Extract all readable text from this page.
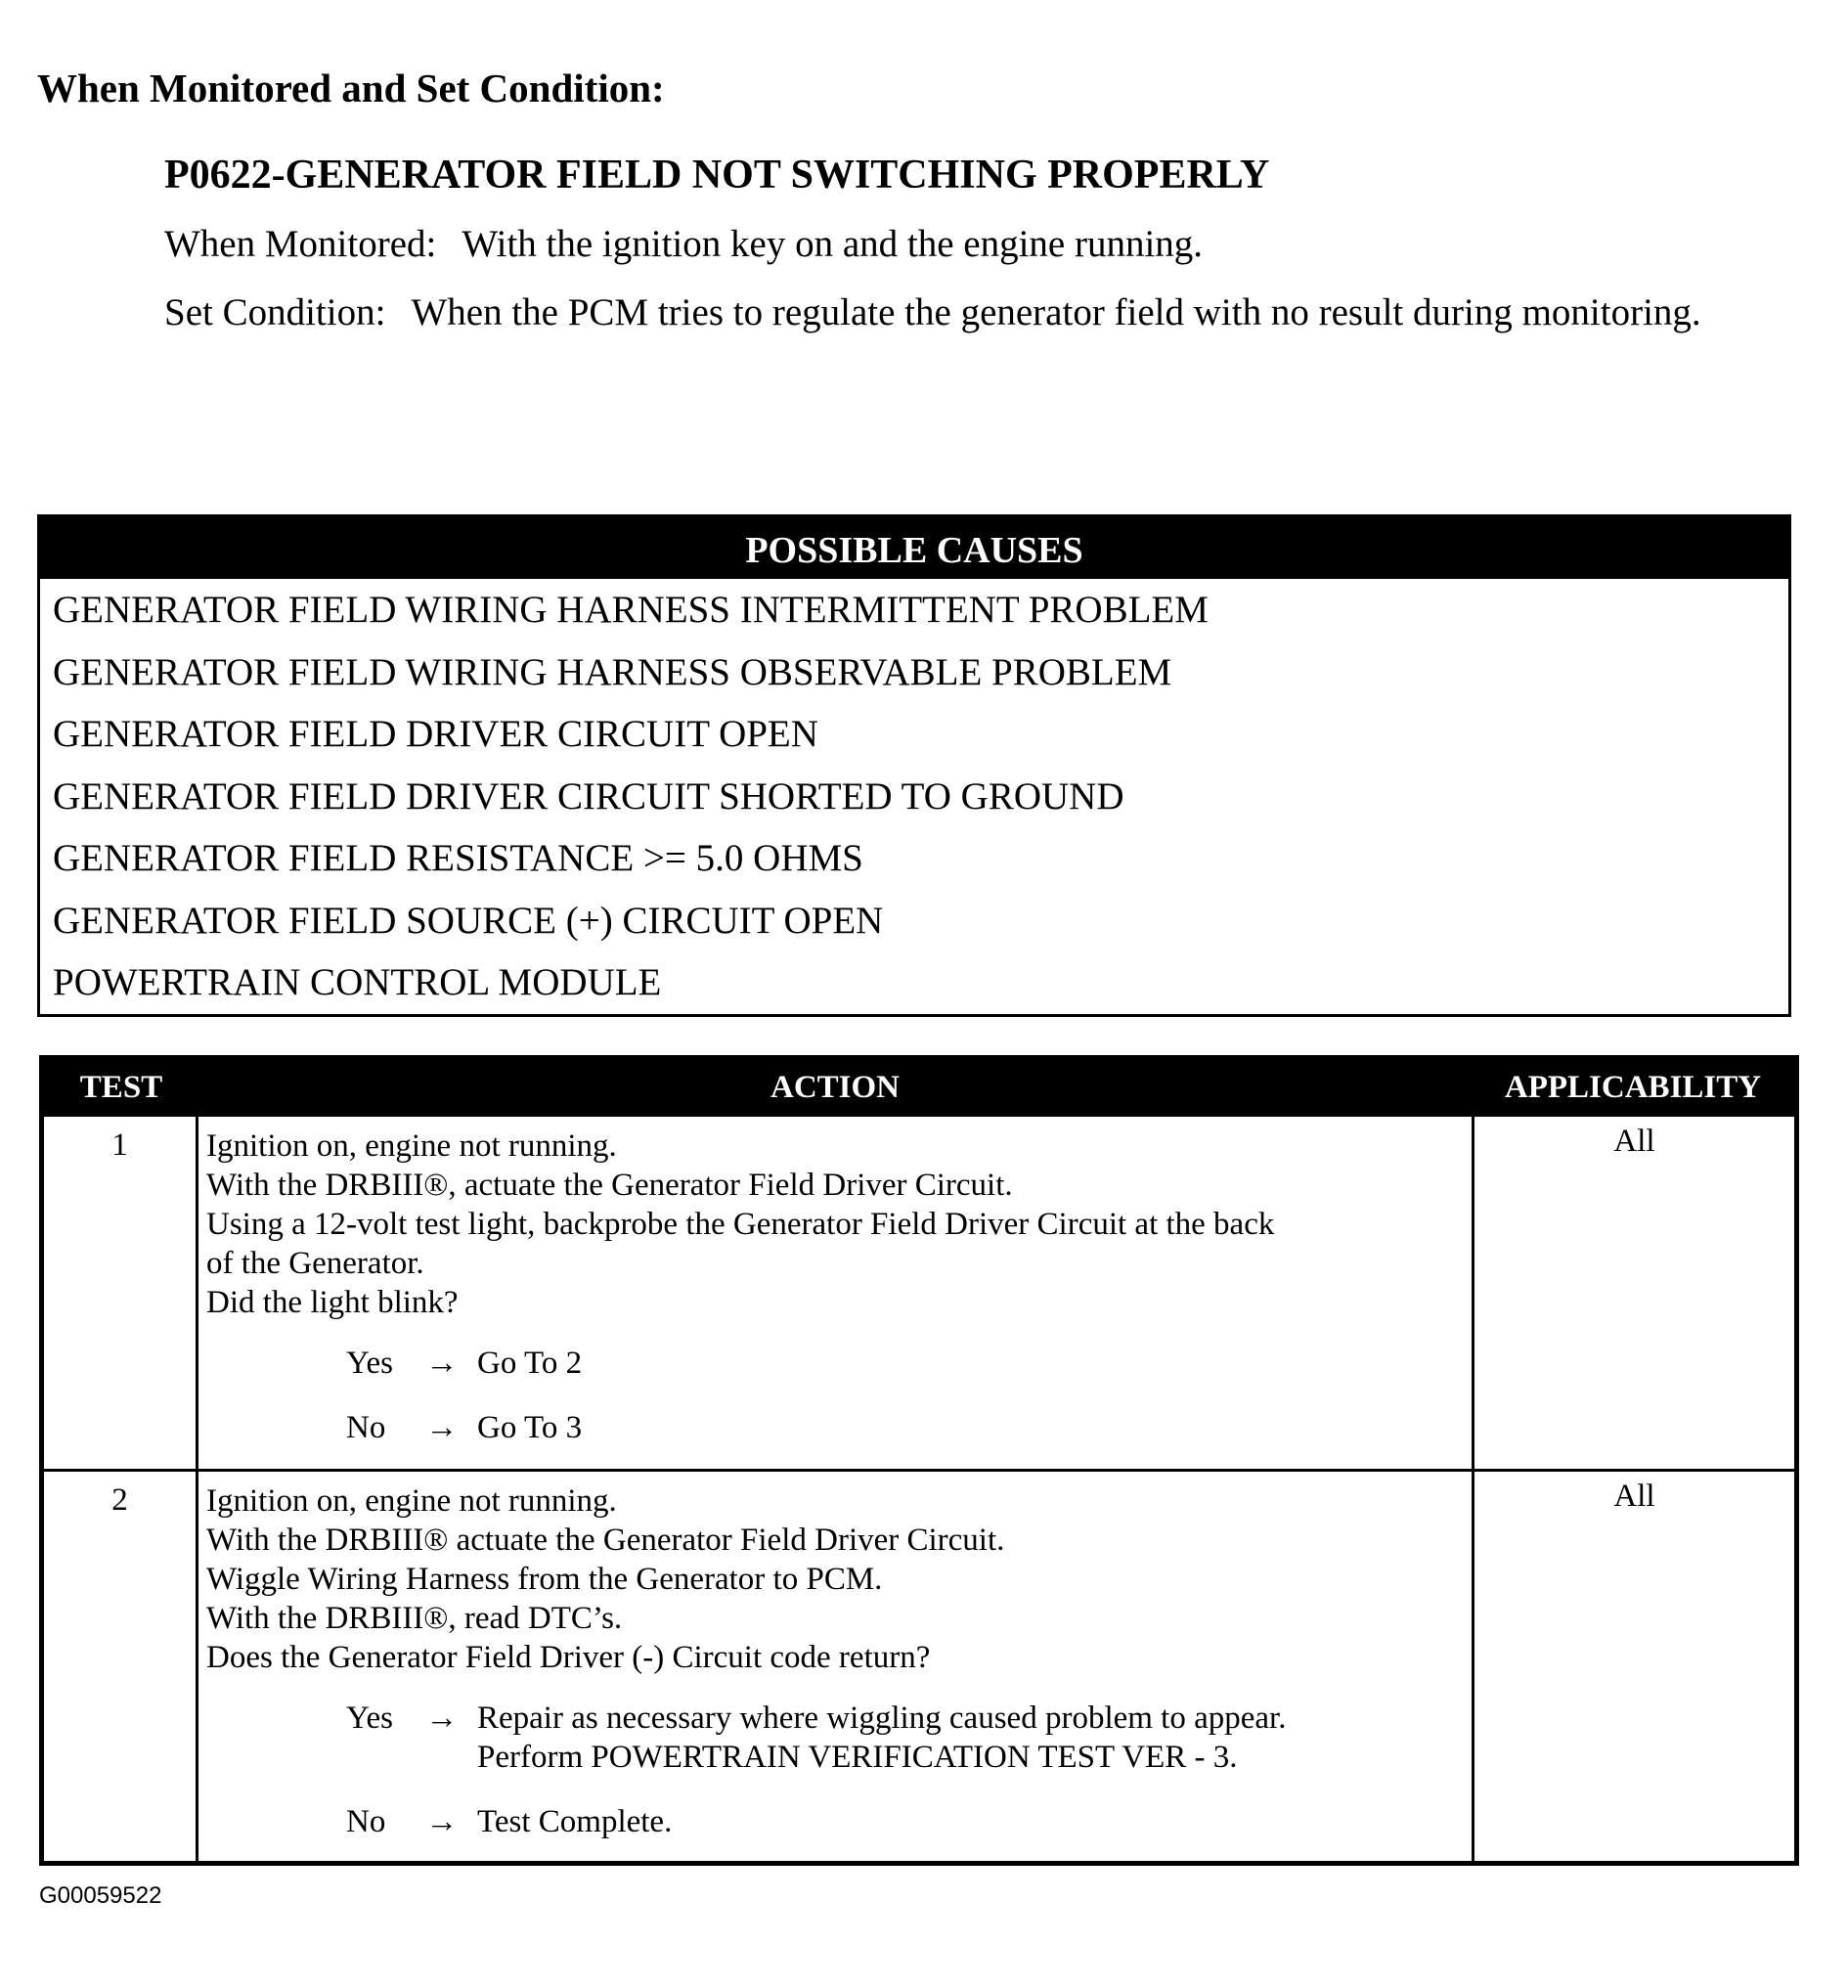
When Monitored and Set Condition:
P0622-GENERATOR FIELD NOT SWITCHING PROPERLY
When Monitored: With the ignition key on and the engine running.
Set Condition: When the PCM tries to regulate the generator field with no result during monitoring.
POSSIBLE CAUSES
GENERATOR FIELD WIRING HARNESS INTERMITTENT PROBLEM
GENERATOR FIELD WIRING HARNESS OBSERVABLE PROBLEM
GENERATOR FIELD DRIVER CIRCUIT OPEN
GENERATOR FIELD DRIVER CIRCUIT SHORTED TO GROUND
GENERATOR FIELD RESISTANCE >= 5.0 OHMS
GENERATOR FIELD SOURCE (+) CIRCUIT OPEN
POWERTRAIN CONTROL MODULE
TEST	ACTION	APPLICABILITY
1	Ignition on, engine not running.
With the DRBIII®, actuate the Generator Field Driver Circuit.
Using a 12-volt test light, backprobe the Generator Field Driver Circuit at the back
of the Generator.
Did the light blink?
Yes	→ Go To 2
No	→ Go To 3
All
2	Ignition on, engine not running.
With the DRBIII® actuate the Generator Field Driver Circuit.
Wiggle Wiring Harness from the Generator to PCM.
With the DRBIII®, read DTC’s.
Does the Generator Field Driver (-) Circuit code return?
Yes	→ Repair as necessary where wiggling caused problem to appear.
Perform POWERTRAIN VERIFICATION TEST VER - 3.
No	→ Test Complete.
All
G00059522
